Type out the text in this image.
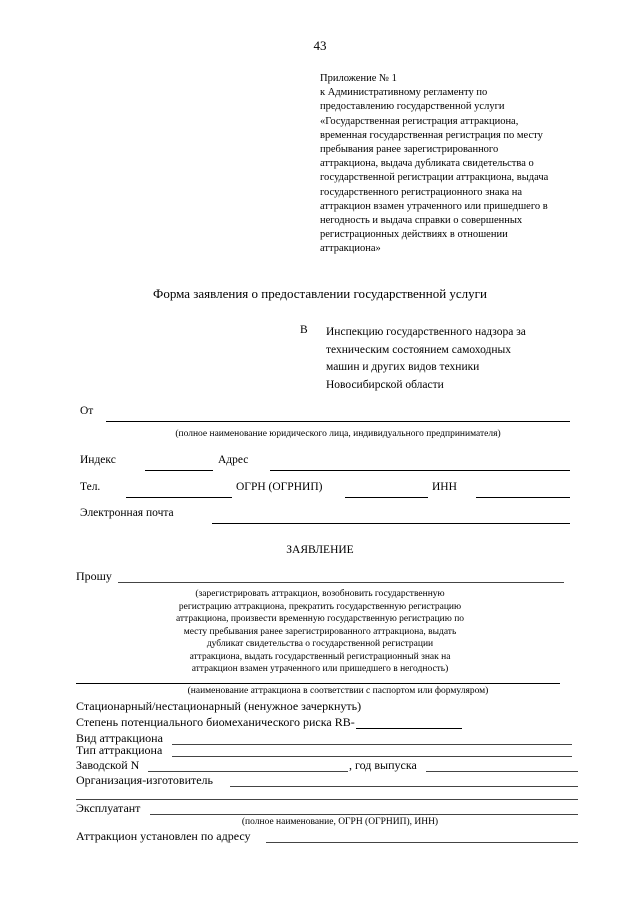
43
Приложение № 1
к Административному регламенту по
предоставлению государственной услуги
«Государственная регистрация аттракциона,
временная государственная регистрация по месту
пребывания ранее зарегистрированного
аттракциона, выдача дубликата свидетельства о
государственной регистрации аттракциона, выдача
государственного регистрационного знака на
аттракцион взамен утраченного или пришедшего в
негодность и выдача справки о совершенных
регистрационных действиях в отношении
аттракциона»
Форма заявления о предоставлении государственной услуги
В Инспекцию государственного надзора за
техническим состоянием самоходных
машин и других видов техники
Новосибирской области
От
(полное наименование юридического лица, индивидуального предпринимателя)
Индекс	Адрес
Тел.	ОГРН (ОГРНИП)	ИНН
Электронная почта
ЗАЯВЛЕНИЕ
Прошу
(зарегистрировать аттракцион, возобновить государственную
регистрацию аттракциона, прекратить государственную регистрацию
аттракциона, произвести временную государственную регистрацию по
месту пребывания ранее зарегистрированного аттракциона, выдать
дубликат свидетельства о государственной регистрации
аттракциона, выдать государственный регистрационный знак на
аттракцион взамен утраченного или пришедшего в негодность)
(наименование аттракциона в соответствии с паспортом или формуляром)
Стационарный/нестационарный (ненужное зачеркнуть)
Степень потенциального биомеханического риска RB-
Вид аттракциона
Тип аттракциона
Заводской N	, год выпуска
Организация-изготовитель
Эксплуатант
(полное наименование, ОГРН (ОГРНИП), ИНН)
Аттракцион установлен по адресу
